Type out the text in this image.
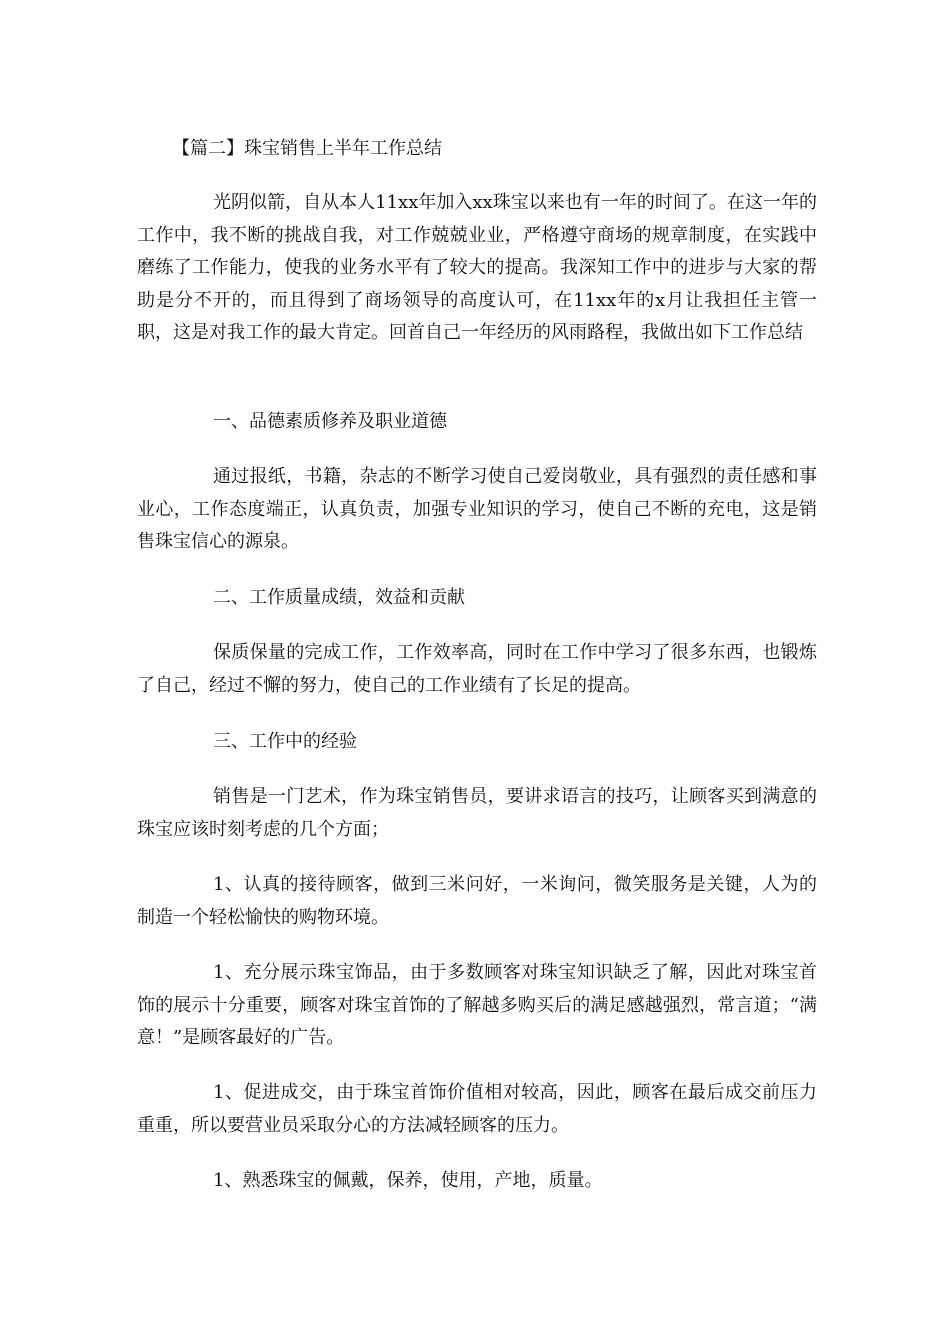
【篇二】珠宝销售上半年工作总结

光阴似箭，自从本人11xx年加入xx珠宝以来也有一年的时间了。在这一年的工作中，我不断的挑战自我，对工作兢兢业业，严格遵守商场的规章制度，在实践中磨练了工作能力，使我的业务水平有了较大的提高。我深知工作中的进步与大家的帮助是分不开的，而且得到了商场领导的高度认可，在11xx年的x月让我担任主管一职，这是对我工作的最大肯定。回首自己一年经历的风雨路程，我做出如下工作总结

一、品德素质修养及职业道德

通过报纸，书籍，杂志的不断学习使自己爱岗敬业，具有强烈的责任感和事业心，工作态度端正，认真负责，加强专业知识的学习，使自己不断的充电，这是销售珠宝信心的源泉。

二、工作质量成绩，效益和贡献

保质保量的完成工作，工作效率高，同时在工作中学习了很多东西，也锻炼了自己，经过不懈的努力，使自己的工作业绩有了长足的提高。

三、工作中的经验

销售是一门艺术，作为珠宝销售员，要讲求语言的技巧，让顾客买到满意的珠宝应该时刻考虑的几个方面；

1、认真的接待顾客，做到三米问好，一米询问，微笑服务是关键，人为的制造一个轻松愉快的购物环境。

1、充分展示珠宝饰品，由于多数顾客对珠宝知识缺乏了解，因此对珠宝首饰的展示十分重要，顾客对珠宝首饰的了解越多购买后的满足感越强烈，常言道；“满意！”是顾客最好的广告。

1、促进成交，由于珠宝首饰价值相对较高，因此，顾客在最后成交前压力重重，所以要营业员采取分心的方法减轻顾客的压力。

1、熟悉珠宝的佩戴，保养，使用，产地，质量。
